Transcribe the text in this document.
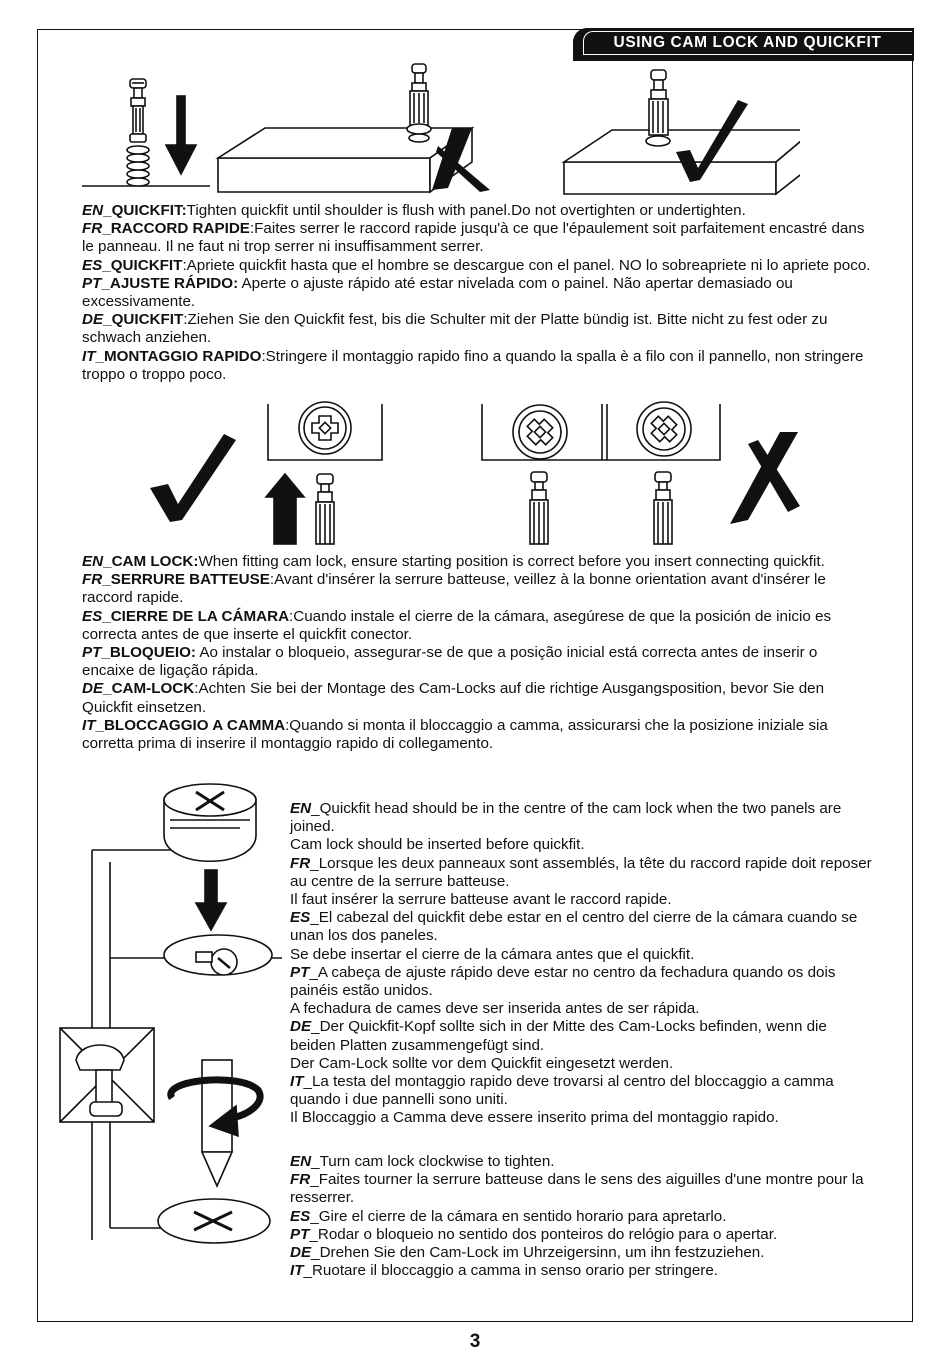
USING CAM LOCK AND QUICKFIT

EN_QUICKFIT:Tighten quickfit until shoulder is flush with panel.Do not overtighten or undertighten.

FR_RACCORD RAPIDE:Faites serrer le raccord rapide jusqu'à ce que l'épaulement soit parfaitement encastré dans le panneau. Il ne faut ni trop serrer ni insuffisamment serrer.

ES_QUICKFIT:Apriete quickfit hasta que el hombre se descargue con el panel. NO lo sobreapriete ni lo apriete poco.

PT_AJUSTE RÁPIDO: Aperte o ajuste rápido até estar nivelada com o painel. Não apertar demasiado ou excessivamente.

DE_QUICKFIT:Ziehen Sie den Quickfit fest, bis die Schulter mit der Platte bündig ist. Bitte nicht zu fest oder zu schwach anziehen.

IT_MONTAGGIO RAPIDO:Stringere il montaggio rapido fino a quando la spalla è a filo con il pannello, non stringere troppo o troppo poco.

EN_CAM LOCK:When fitting cam lock, ensure starting position is correct before you insert connecting quickfit.

FR_SERRURE BATTEUSE:Avant d'insérer la serrure batteuse, veillez à la bonne orientation avant d'insérer le raccord rapide.

ES_CIERRE DE LA CÁMARA:Cuando instale el cierre de la cámara, asegúrese de que la posición de inicio es correcta antes de que inserte el quickfit conector.

PT_BLOQUEIO: Ao instalar o bloqueio, assegurar-se de que a posição inicial está correcta antes de inserir o encaixe de ligação rápida.

DE_CAM-LOCK:Achten Sie bei der Montage des Cam-Locks auf die richtige Ausgangsposition, bevor Sie den Quickfit einsetzen.

IT_BLOCCAGGIO A CAMMA:Quando si monta il bloccaggio a camma, assicurarsi che la posizione iniziale sia corretta prima di inserire il montaggio rapido di collegamento.

EN_Quickfit head should be in the centre of the cam lock when the two panels are joined.
Cam lock should be inserted before quickfit.

FR_Lorsque les deux panneaux sont assemblés, la tête du raccord rapide doit reposer au centre de la serrure batteuse.
Il faut insérer la serrure batteuse avant le raccord rapide.

ES_El cabezal del quickfit debe estar en el centro del cierre de la cámara cuando se unan los dos paneles.
Se debe insertar el cierre de la cámara antes que el quickfit.

PT_A cabeça de ajuste rápido deve estar no centro da fechadura quando os dois painéis estão unidos.
A fechadura de cames deve ser inserida antes de ser rápida.

DE_Der Quickfit-Kopf sollte sich in der Mitte des Cam-Locks befinden, wenn die beiden Platten zusammengefügt sind.
Der Cam-Lock sollte vor dem Quickfit eingesetzt werden.

IT_La testa del montaggio rapido deve trovarsi al centro del bloccaggio a camma quando i due pannelli sono uniti.
Il Bloccaggio a Camma deve essere inserito prima del montaggio rapido.

EN_Turn cam lock clockwise to tighten.

FR_Faites tourner la serrure batteuse dans le sens des aiguilles d'une montre pour la resserrer.

ES_Gire el cierre de la cámara en sentido horario para apretarlo.

PT_Rodar o bloqueio no sentido dos ponteiros do relógio para o apertar.

DE_Drehen Sie den Cam-Lock im Uhrzeigersinn, um ihn festzuziehen.

IT_Ruotare il bloccaggio a camma in senso orario per stringere.

3
